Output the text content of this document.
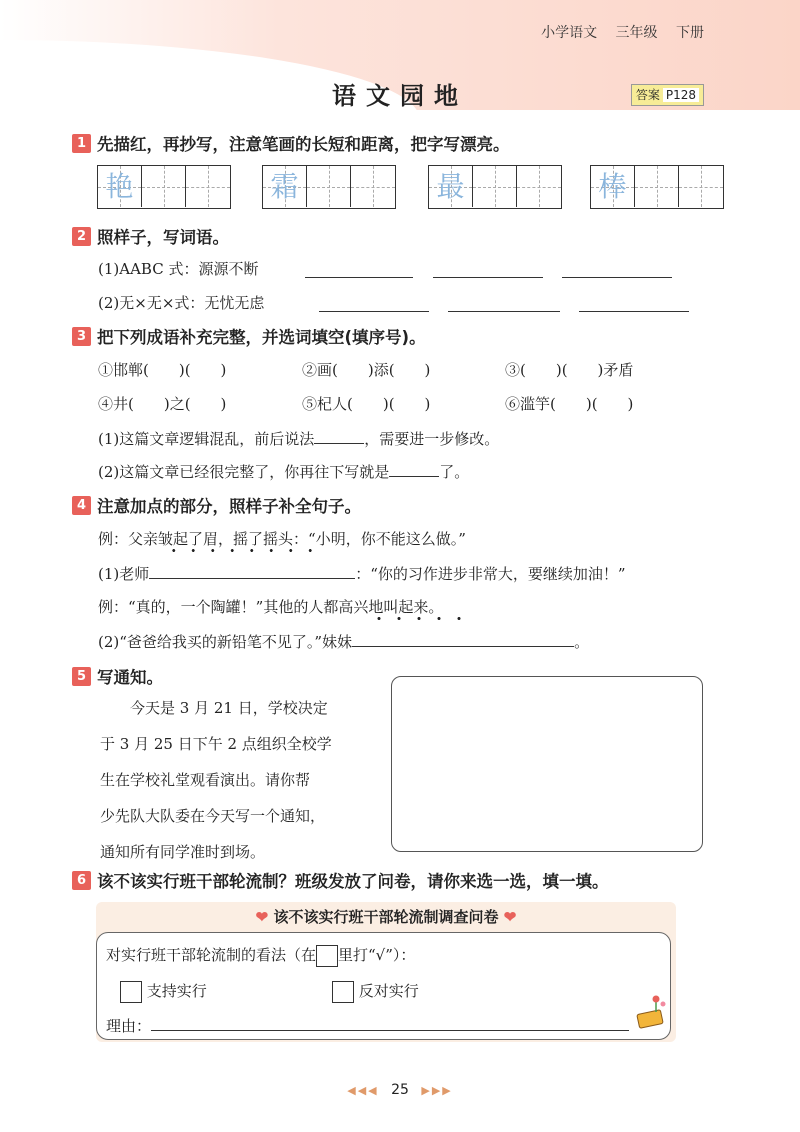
小学语文 三年级 下册
语文园地	答案 P128
1 先描红，再抄写，注意笔画的长短和距离，把字写漂亮。
艳	霜	最	棒
2 照样子，写词语。
(1)AABC 式：源源不断
(2)无×无×式：无忧无虑
3 把下列成语补充完整，并选词填空(填序号)。
①邯郸(　　)(　　)	②画(　　)添(　　)	③(　　)(　　)矛盾
④井(　　)之(　　)	⑤杞人(　　)(　　)	⑥滥竽(　　)(　　)
(1)这篇文章逻辑混乱，前后说法	，需要进一步修改。
(2)这篇文章已经很完整了，你再往下写就是	了。
4 注意加点的部分，照样子补全句子。
例：父亲皱起了眉，摇了摇头：“小明，你不能这么做。”
(1)老师	：“你的习作进步非常大，要继续加油！”
例：“真的，一个陶罐！”其他的人都高兴地叫起来。
(2)“爸爸给我买的新铅笔不见了。”妹妹	。
5 写通知。
　　今天是 3 月 21 日，学校决定
于 3 月 25 日下午 2 点组织全校学
生在学校礼堂观看演出。请你帮
少先队大队委在今天写一个通知，
通知所有同学准时到场。
6 该不该实行班干部轮流制？班级发放了问卷，请你来选一选，填一填。
❤ 该不该实行班干部轮流制调查问卷 ❤
对实行班干部轮流制的看法（在 里打“√”）：
支持实行	反对实行
理由：
◀◀◀ 25 ▶▶▶
